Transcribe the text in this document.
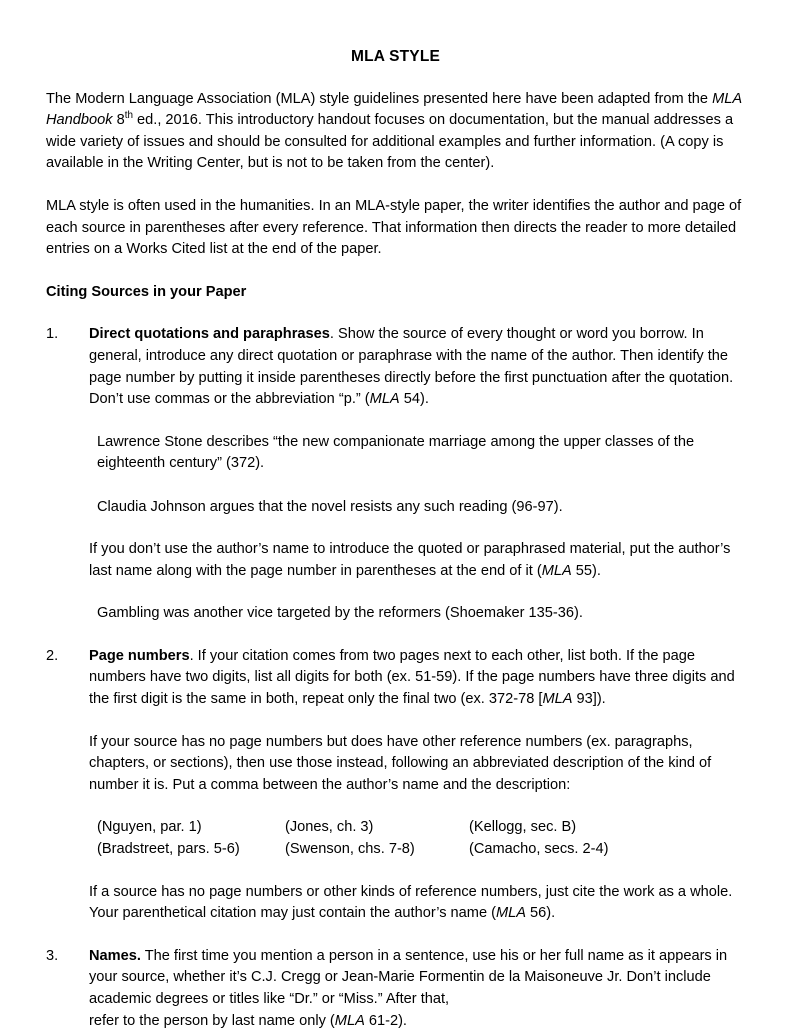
MLA STYLE

The Modern Language Association (MLA) style guidelines presented here have been adapted from the MLA Handbook 8th ed., 2016. This introductory handout focuses on documentation, but the manual addresses a wide variety of issues and should be consulted for additional examples and further information. (A copy is available in the Writing Center, but is not to be taken from the center).

MLA style is often used in the humanities. In an MLA-style paper, the writer identifies the author and page of each source in parentheses after every reference. That information then directs the reader to more detailed entries on a Works Cited list at the end of the paper.

Citing Sources in your Paper

1.	Direct quotations and paraphrases. Show the source of every thought or word you borrow. In general, introduce any direct quotation or paraphrase with the name of the author. Then identify the page number by putting it inside parentheses directly before the first punctuation after the quotation. Don’t use commas or the abbreviation “p.” (MLA 54).
Lawrence Stone describes “the new companionate marriage among the upper classes of the eighteenth century” (372).
Claudia Johnson argues that the novel resists any such reading (96-97).
If you don’t use the author’s name to introduce the quoted or paraphrased material, put the author’s last name along with the page number in parentheses at the end of it (MLA 55).
Gambling was another vice targeted by the reformers (Shoemaker 135-36).
2.	Page numbers. If your citation comes from two pages next to each other, list both. If the page numbers have two digits, list all digits for both (ex. 51-59). If the page numbers have three digits and the first digit is the same in both, repeat only the final two (ex. 372-78 [MLA 93]).
If your source has no page numbers but does have other reference numbers (ex. paragraphs, chapters, or sections), then use those instead, following an abbreviated description of the kind of number it is. Put a comma between the author’s name and the description:
(Nguyen, par. 1)	(Jones, ch. 3)	(Kellogg, sec. B)
(Bradstreet, pars. 5-6)	(Swenson, chs. 7-8)	(Camacho, secs. 2-4)
If a source has no page numbers or other kinds of reference numbers, just cite the work as a whole. Your parenthetical citation may just contain the author’s name (MLA 56).
3.	Names. The first time you mention a person in a sentence, use his or her full name as it appears in your source, whether it’s C.J. Cregg or Jean-Marie Formentin de la Maisoneuve Jr. Don’t include academic degrees or titles like “Dr.” or “Miss.” After that,
refer to the person by last name only (MLA 61-2).
